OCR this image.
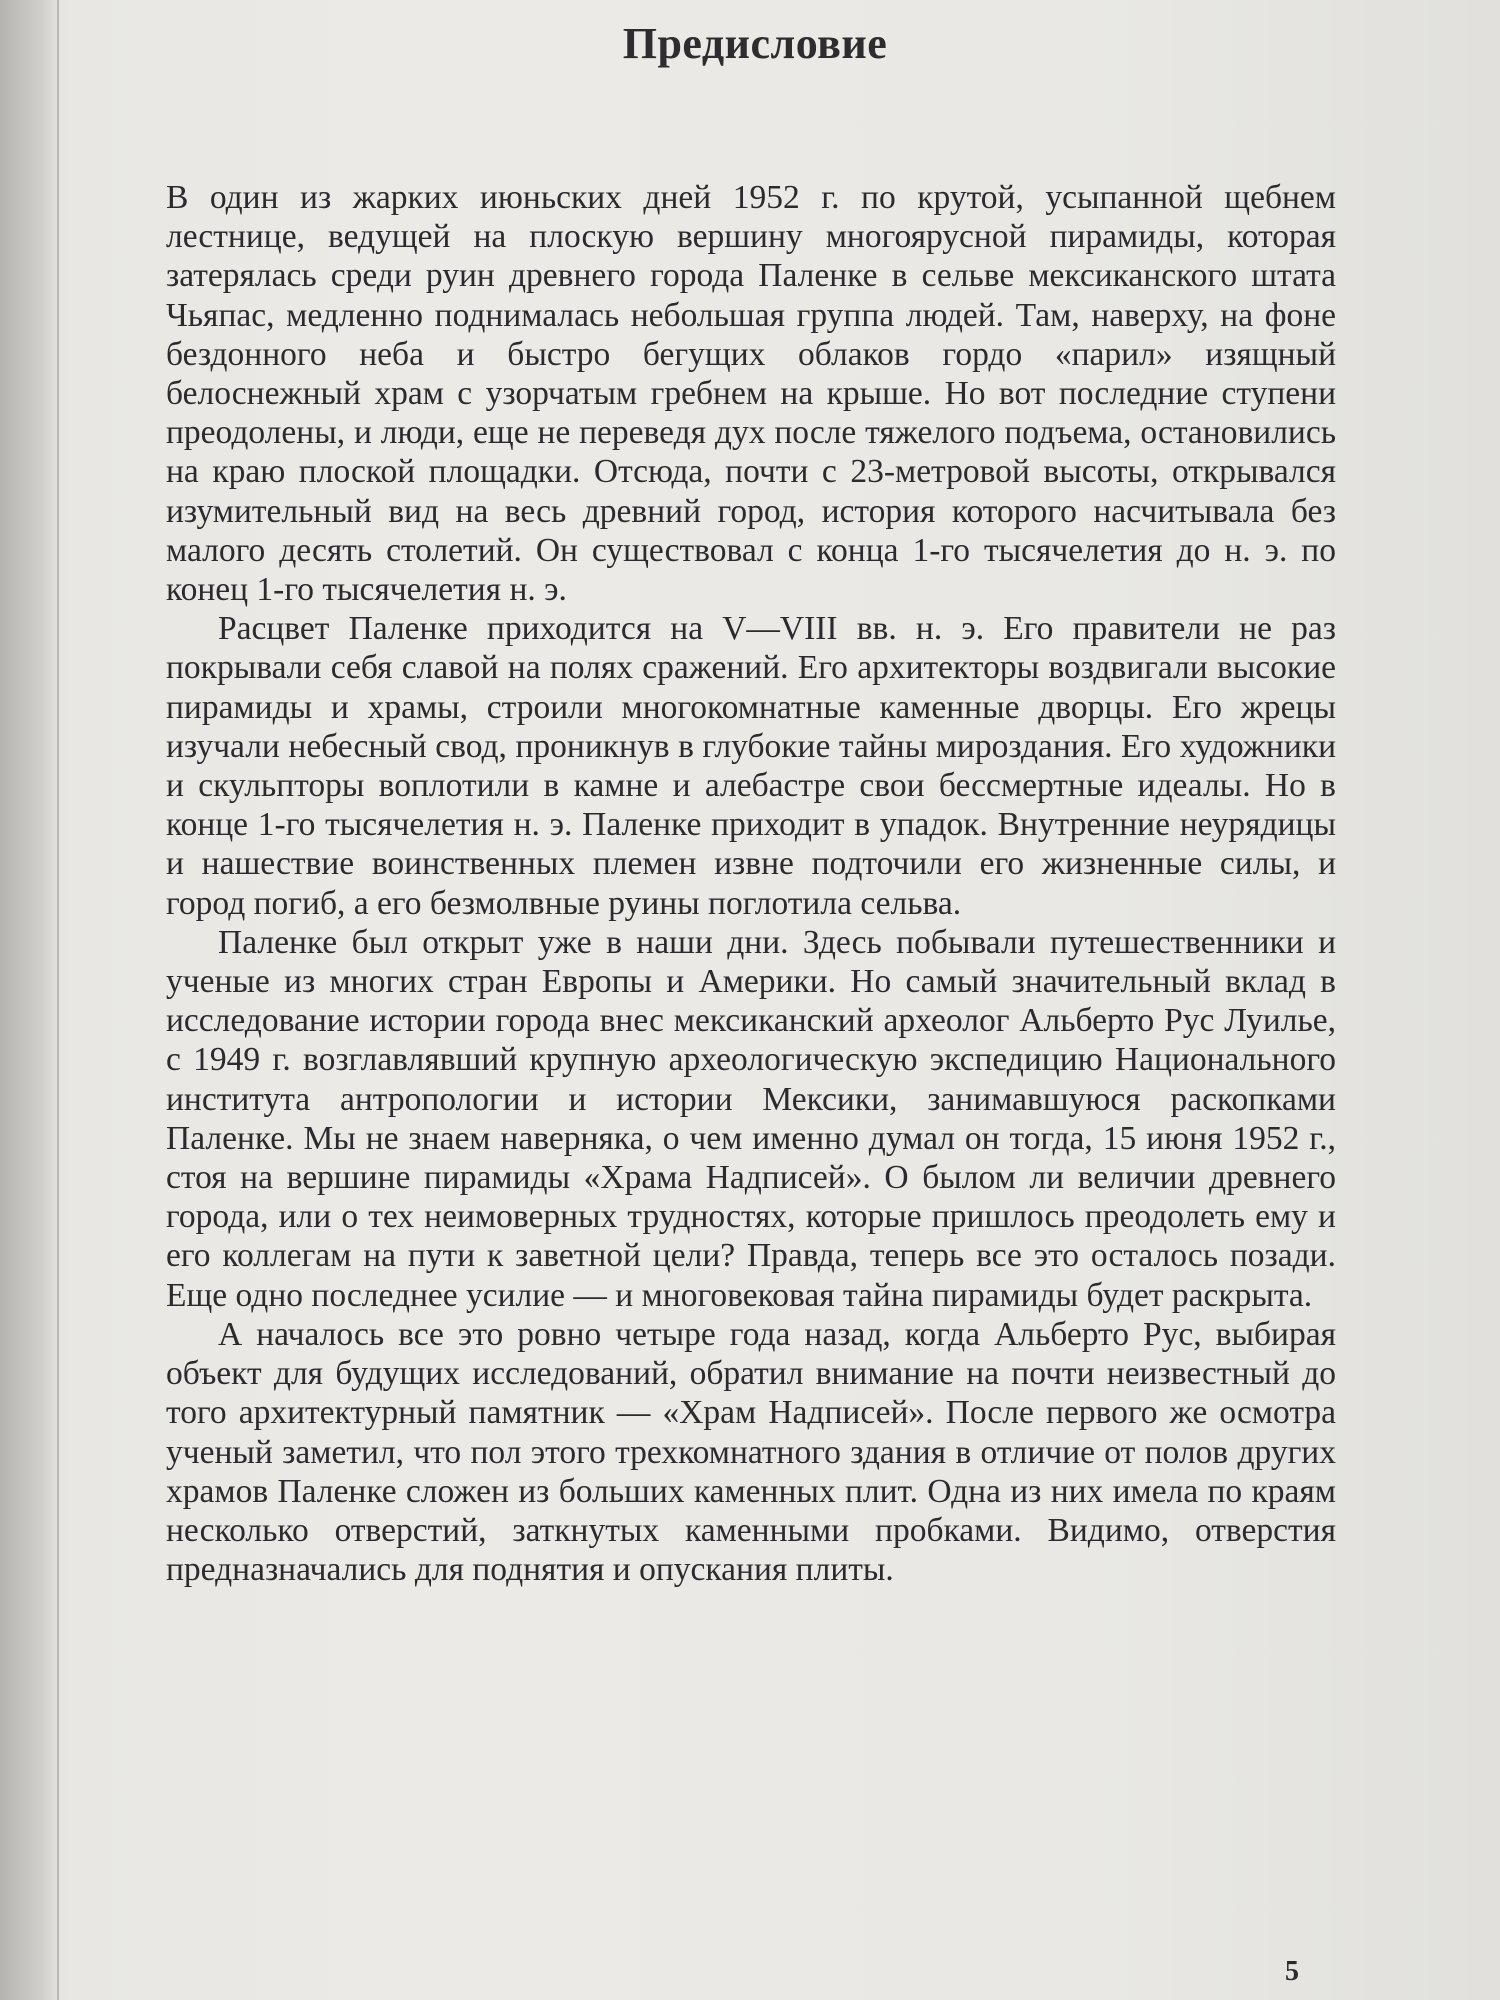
Предисловие

В один из жарких июньских дней 1952 г. по крутой, усыпанной щебнем лестнице, ведущей на плоскую вершину многоярусной пирамиды, которая затерялась среди руин древнего города Паленке в сельве мексиканского штата Чьяпас, медленно поднималась небольшая группа людей. Там, наверху, на фоне бездонного неба и быстро бегущих облаков гордо «парил» изящный белоснежный храм с узорчатым гребнем на крыше. Но вот последние ступени преодолены, и люди, еще не переведя дух после тяжелого подъема, остановились на краю плоской площадки. Отсюда, почти с 23-метровой высоты, открывался изумительный вид на весь древний город, история которого насчитывала без малого десять столетий. Он существовал с конца 1-го тысячелетия до н. э. по конец 1-го тысячелетия н. э.

Расцвет Паленке приходится на V—VIII вв. н. э. Его правители не раз покрывали себя славой на полях сражений. Его архитекторы воздвигали высокие пирамиды и храмы, строили многокомнатные каменные дворцы. Его жрецы изучали небесный свод, проникнув в глубокие тайны мироздания. Его художники и скульпторы воплотили в камне и алебастре свои бессмертные идеалы. Но в конце 1-го тысячелетия н. э. Паленке приходит в упадок. Внутренние неурядицы и нашествие воинственных племен извне подточили его жизненные силы, и город погиб, а его безмолвные руины поглотила сельва.

Паленке был открыт уже в наши дни. Здесь побывали путешественники и ученые из многих стран Европы и Америки. Но самый значительный вклад в исследование истории города внес мексиканский археолог Альберто Рус Луилье, с 1949 г. возглавлявший крупную археологическую экспедицию Национального института антропологии и истории Мексики, занимавшуюся раскопками Паленке. Мы не знаем наверняка, о чем именно думал он тогда, 15 июня 1952 г., стоя на вершине пирамиды «Храма Надписей». О былом ли величии древнего города, или о тех неимоверных трудностях, которые пришлось преодолеть ему и его коллегам на пути к заветной цели? Правда, теперь все это осталось позади. Еще одно последнее усилие — и многовековая тайна пирамиды будет раскрыта.

А началось все это ровно четыре года назад, когда Альберто Рус, выбирая объект для будущих исследований, обратил внимание на почти неизвестный до того архитектурный памятник — «Храм Надписей». После первого же осмотра ученый заметил, что пол этого трехкомнатного здания в отличие от полов других храмов Паленке сложен из больших каменных плит. Одна из них имела по краям несколько отверстий, заткнутых каменными пробками. Видимо, отверстия предназначались для поднятия и опускания плиты.

5
